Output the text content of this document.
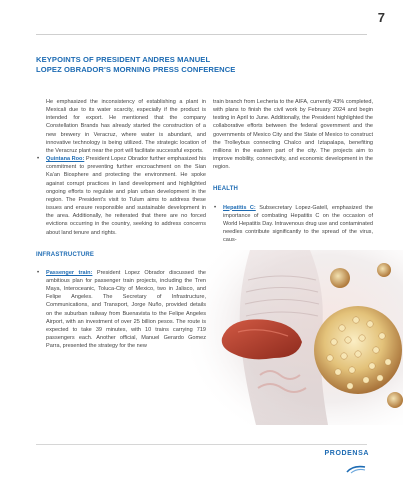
7
KEYPOINTS OF PRESIDENT ANDRES MANUEL LOPEZ OBRADOR'S MORNING PRESS CONFERENCE

He emphasized the inconsistency of establishing a plant in Mexicali due to its water scarcity, especially if the product is intended for export. He mentioned that the company Constellation Brands has already started the construction of a new brewery in Veracruz, where water is abundant, and innovative technology is being utilized. The strategic location of the Veracruz plant near the port will facilitate successful exports.

• Quintana Roo: President Lopez Obrador further emphasized his commitment to preventing further encroachment on the Sian Ka'an Biosphere and protecting the environment. He spoke against corrupt practices in land development and highlighted ongoing efforts to regulate and plan urban development in the region. The President's visit to Tulum aims to address these issues and ensure responsible and sustainable development in the area. Additionally, he reiterated that there are no forced evictions occurring in the country, seeking to address concerns about land tenure and rights.

INFRASTRUCTURE

• Passenger train: President Lopez Obrador discussed the ambitious plan for passenger train projects, including the Tren Maya, Interoceanic, Toluca-City of Mexico, two in Jalisco, and Felipe Angeles. The Secretary of Infrastructure, Communications, and Transport, Jorge Nuño, provided details on the suburban railway from Buenavista to the Felipe Angeles Airport, with an investment of over 25 billion pesos. The route is expected to take 39 minutes, with 10 trains carrying 719 passengers each. Another official, Manuel Gerardo Gomez Parra, presented the strategy for the new

train branch from Lecheria to the AIFA, currently 43% completed, with plans to finish the civil work by February 2024 and begin testing in April to June. Additionally, the President highlighted the collaborative efforts between the federal government and the governments of Mexico City and the State of Mexico to construct the Trolleybus connecting Chalco and Iztapalapa, benefiting millions in the eastern part of the city. The projects aim to improve mobility, connectivity, and economic development in the region.

HEALTH

• Hepatitis C: Subsecretary Lopez-Gatell, emphasized the importance of combating Hepatitis C on the occasion of World Hepatitis Day. Intravenous drug use and contaminated needles contribute significantly to the spread of the virus, caus-

PRODENSA
